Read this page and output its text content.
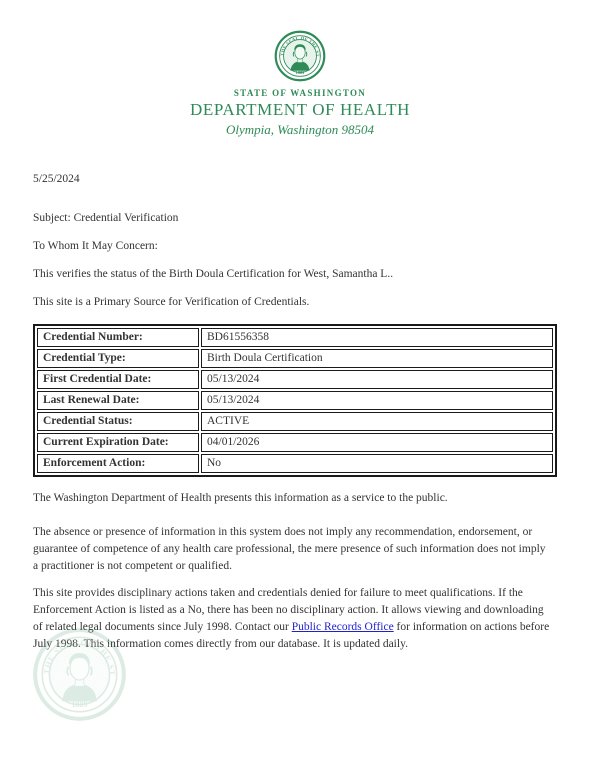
STATE OF WASHINGTON
DEPARTMENT OF HEALTH
Olympia, Washington 98504

5/25/2024

Subject: Credential Verification

To Whom It May Concern:

This verifies the status of the Birth Doula Certification for West, Samantha L..

This site is a Primary Source for Verification of Credentials.

Credential Number:	BD61556358
Credential Type:	Birth Doula Certification
First Credential Date:	05/13/2024
Last Renewal Date:	05/13/2024
Credential Status:	ACTIVE
Current Expiration Date:	04/01/2026
Enforcement Action:	No

The Washington Department of Health presents this information as a service to the public.

The absence or presence of information in this system does not imply any recommendation, endorsement, or guarantee of competence of any health care professional, the mere presence of such information does not imply a practitioner is not competent or qualified.

This site provides disciplinary actions taken and credentials denied for failure to meet qualifications. If the Enforcement Action is listed as a No, there has been no disciplinary action. It allows viewing and downloading of related legal documents since July 1998. Contact our Public Records Office for information on actions before July 1998. This information comes directly from our database. It is updated daily.
